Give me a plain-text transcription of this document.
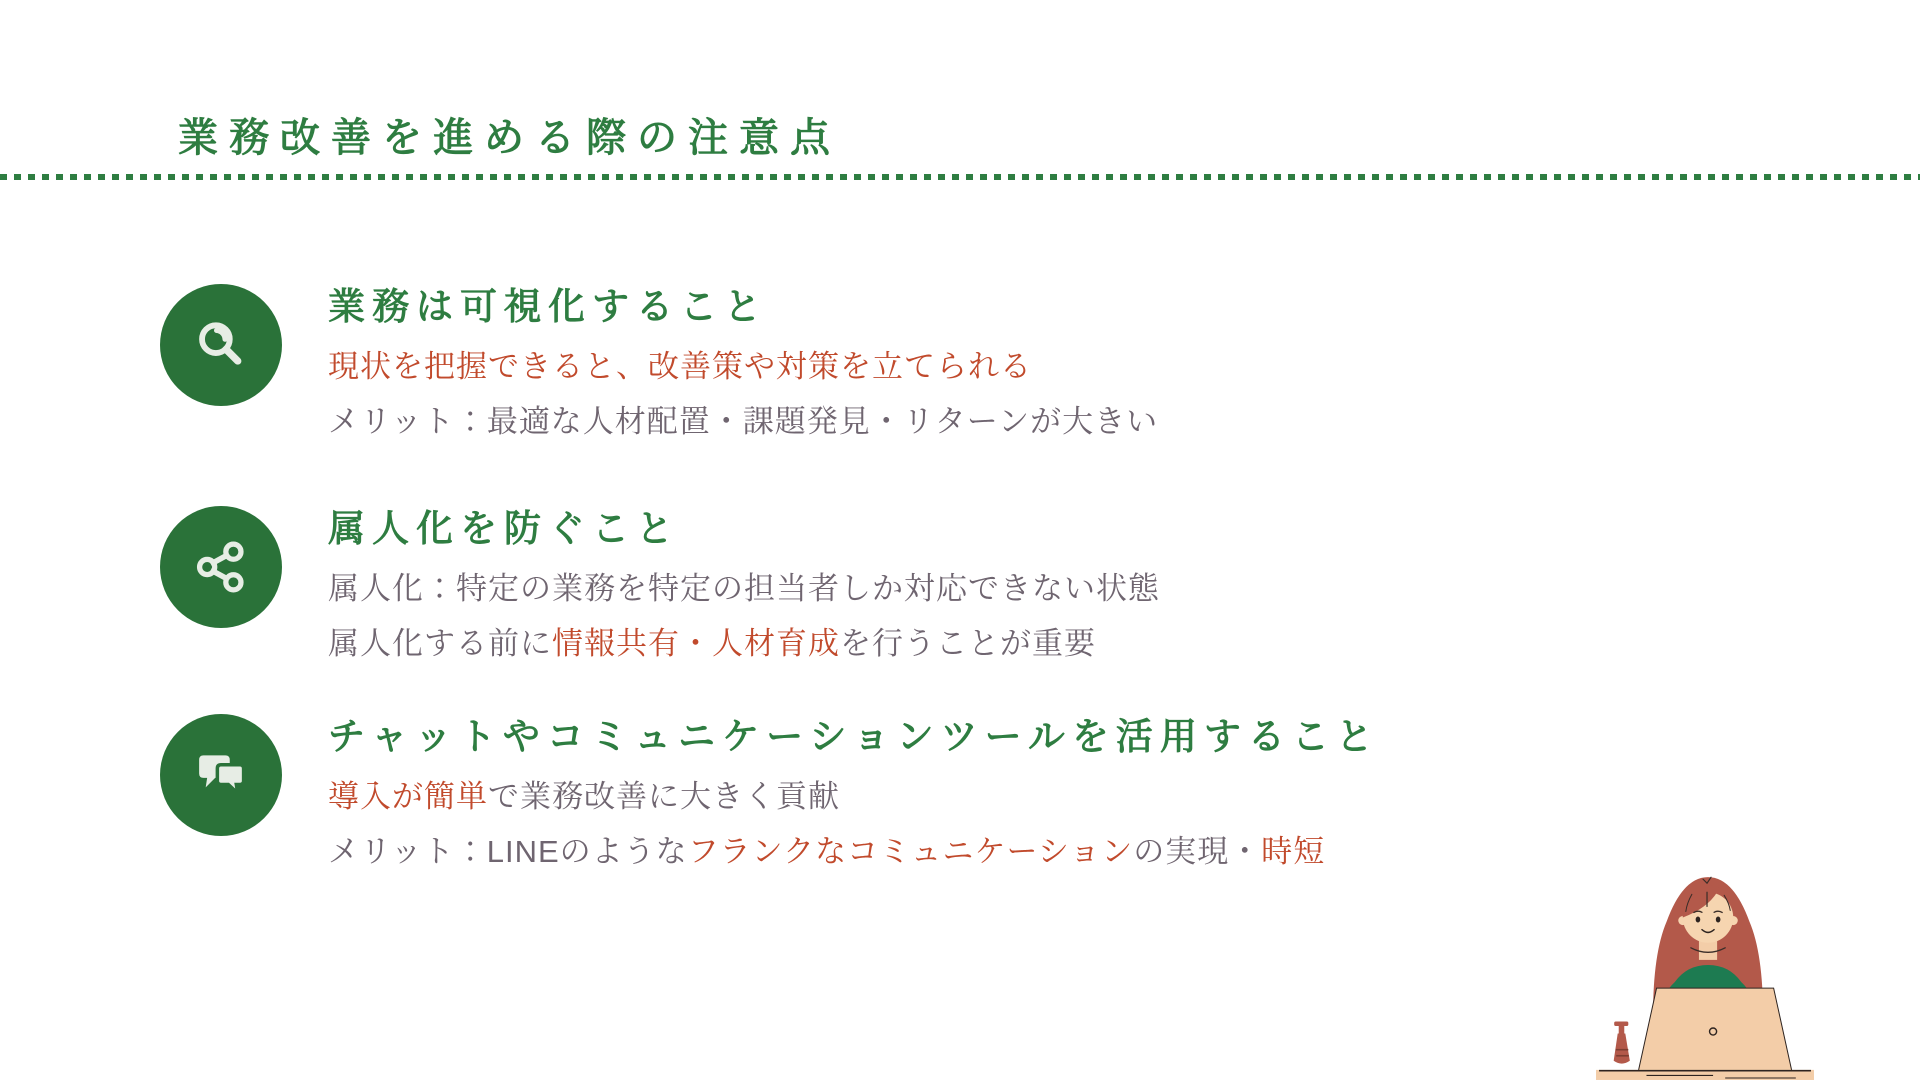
業務改善を進める際の注意点
業務は可視化すること

現状を把握できると、改善策や対策を立てられる

メリット：最適な人材配置・課題発見・リターンが大きい

属人化を防ぐこと

属人化：特定の業務を特定の担当者しか対応できない状態

属人化する前に情報共有・人材育成を行うことが重要

チャットやコミュニケーションツールを活用すること

導入が簡単で業務改善に大きく貢献

メリット：LINEのようなフランクなコミュニケーションの実現・時短
